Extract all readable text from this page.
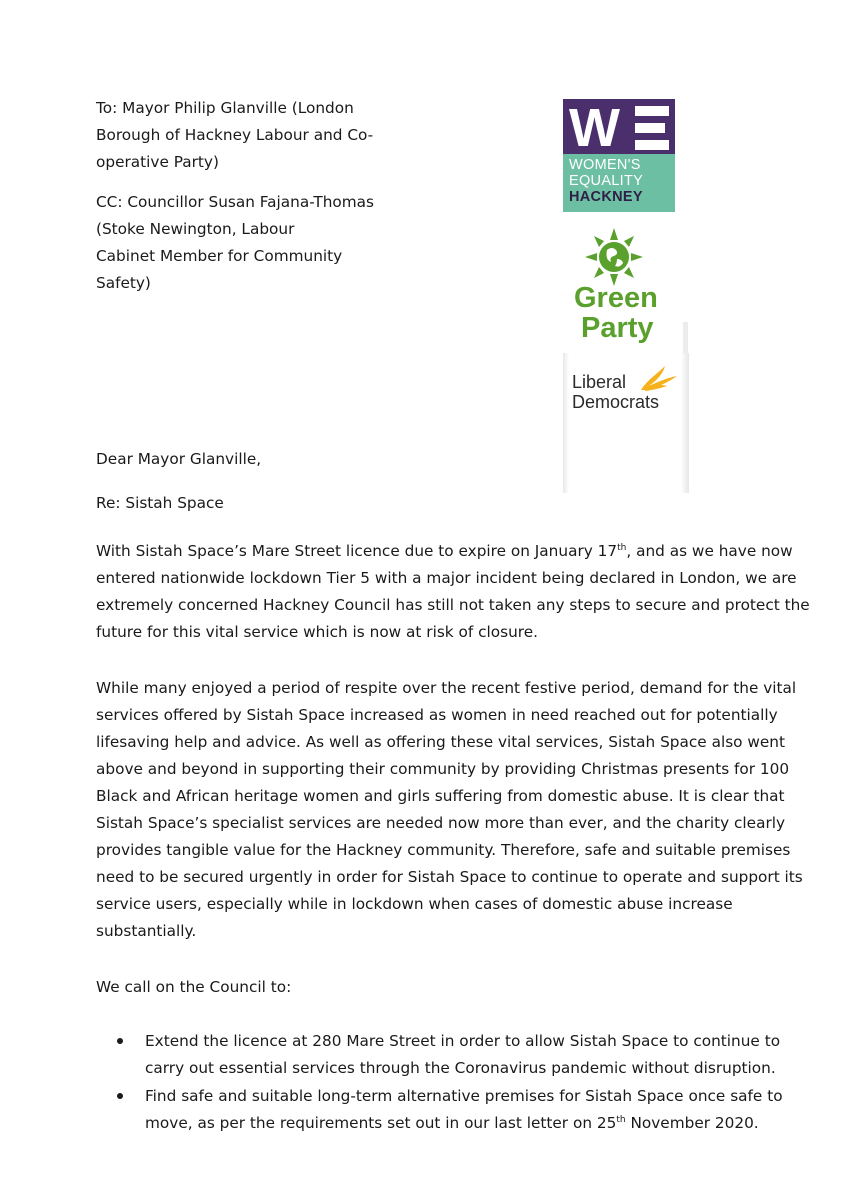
To: Mayor Philip Glanville (London
Borough of Hackney Labour and Co-
operative Party)
CC: Councillor Susan Fajana-Thomas
(Stoke Newington, Labour
Cabinet Member for Community
Safety)
W
WOMEN'S
EQUALITY
HACKNEY
Green
Party
Liberal
Democrats
Dear Mayor Glanville,
Re: Sistah Space
With Sistah Space’s Mare Street licence due to expire on January 17th, and as we have now
entered nationwide lockdown Tier 5 with a major incident being declared in London, we are
extremely concerned Hackney Council has still not taken any steps to secure and protect the
future for this vital service which is now at risk of closure.
While many enjoyed a period of respite over the recent festive period, demand for the vital
services offered by Sistah Space increased as women in need reached out for potentially
lifesaving help and advice. As well as offering these vital services, Sistah Space also went
above and beyond in supporting their community by providing Christmas presents for 100
Black and African heritage women and girls suffering from domestic abuse. It is clear that
Sistah Space’s specialist services are needed now more than ever, and the charity clearly
provides tangible value for the Hackney community. Therefore, safe and suitable premises
need to be secured urgently in order for Sistah Space to continue to operate and support its
service users, especially while in lockdown when cases of domestic abuse increase
substantially.
We call on the Council to:
Extend the licence at 280 Mare Street in order to allow Sistah Space to continue to
carry out essential services through the Coronavirus pandemic without disruption.
Find safe and suitable long-term alternative premises for Sistah Space once safe to
move, as per the requirements set out in our last letter on 25th November 2020.
